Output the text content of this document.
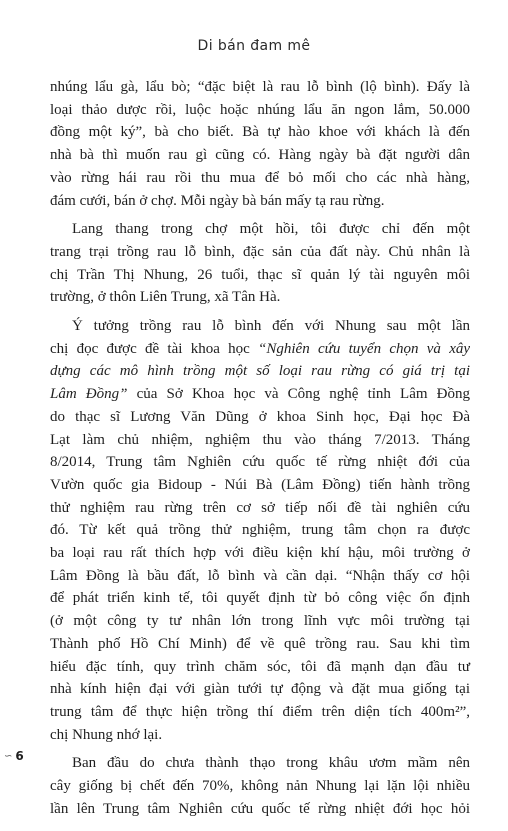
Di bán đam mê

nhúng lẩu gà, lẩu bò; “đặc biệt là rau lỗ bình (lộ bình). Đấy là
loại thảo dược rồi, luộc hoặc nhúng lẩu ăn ngon lắm, 50.000
đồng một ký”, bà cho biết. Bà tự hào khoe với khách là đến
nhà bà thì muốn rau gì cũng có. Hàng ngày bà đặt người dân
vào rừng hái rau rồi thu mua để bỏ mối cho các nhà hàng,
đám cưới, bán ở chợ. Mỗi ngày bà bán mấy tạ rau rừng.

Lang thang trong chợ một hồi, tôi được chỉ đến một
trang trại trồng rau lỗ bình, đặc sản của đất này. Chủ nhân là
chị Trần Thị Nhung, 26 tuổi, thạc sĩ quản lý tài nguyên môi
trường, ở thôn Liên Trung, xã Tân Hà.

Ý tưởng trồng rau lỗ bình đến với Nhung sau một lần
chị đọc được đề tài khoa học “Nghiên cứu tuyển chọn và xây
dựng các mô hình trồng một số loại rau rừng có giá trị tại
Lâm Đồng” của Sở Khoa học và Công nghệ tỉnh Lâm Đồng
do thạc sĩ Lương Văn Dũng ở khoa Sinh học, Đại học Đà
Lạt làm chủ nhiệm, nghiệm thu vào tháng 7/2013. Tháng
8/2014, Trung tâm Nghiên cứu quốc tế rừng nhiệt đới của
Vườn quốc gia Bidoup - Núi Bà (Lâm Đồng) tiến hành trồng
thử nghiệm rau rừng trên cơ sở tiếp nối đề tài nghiên cứu
đó. Từ kết quả trồng thử nghiệm, trung tâm chọn ra được
ba loại rau rất thích hợp với điều kiện khí hậu, môi trường ở
Lâm Đồng là bầu đất, lỗ bình và cần dại. “Nhận thấy cơ hội
để phát triển kinh tế, tôi quyết định từ bỏ công việc ổn định
(ở một công ty tư nhân lớn trong lĩnh vực môi trường tại
Thành phố Hồ Chí Minh) để về quê trồng rau. Sau khi tìm
hiểu đặc tính, quy trình chăm sóc, tôi đã mạnh dạn đầu tư
nhà kính hiện đại với giàn tưới tự động và đặt mua giống tại
trung tâm để thực hiện trồng thí điểm trên diện tích 400m²”,
chị Nhung nhớ lại.

Ban đầu do chưa thành thạo trong khâu ươm mầm nên
cây giống bị chết đến 70%, không nản Nhung lại lặn lội nhiều
lần lên Trung tâm Nghiên cứu quốc tế rừng nhiệt đới học hỏi

∽ 6
